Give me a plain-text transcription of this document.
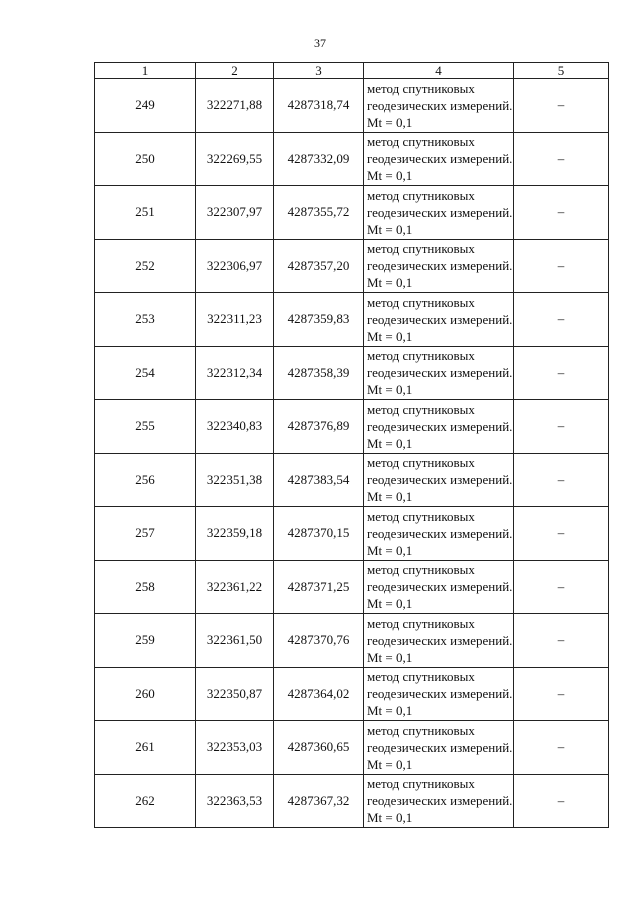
37
1	2	3	4	5
249	322271,88	4287318,74	метод спутниковых геодезических измерений. Mt = 0,1	–
250	322269,55	4287332,09	метод спутниковых геодезических измерений. Mt = 0,1	–
251	322307,97	4287355,72	метод спутниковых геодезических измерений. Mt = 0,1	–
252	322306,97	4287357,20	метод спутниковых геодезических измерений. Mt = 0,1	–
253	322311,23	4287359,83	метод спутниковых геодезических измерений. Mt = 0,1	–
254	322312,34	4287358,39	метод спутниковых геодезических измерений. Mt = 0,1	–
255	322340,83	4287376,89	метод спутниковых геодезических измерений. Mt = 0,1	–
256	322351,38	4287383,54	метод спутниковых геодезических измерений. Mt = 0,1	–
257	322359,18	4287370,15	метод спутниковых геодезических измерений. Mt = 0,1	–
258	322361,22	4287371,25	метод спутниковых геодезических измерений. Mt = 0,1	–
259	322361,50	4287370,76	метод спутниковых геодезических измерений. Mt = 0,1	–
260	322350,87	4287364,02	метод спутниковых геодезических измерений. Mt = 0,1	–
261	322353,03	4287360,65	метод спутниковых геодезических измерений. Mt = 0,1	–
262	322363,53	4287367,32	метод спутниковых геодезических измерений. Mt = 0,1	–
